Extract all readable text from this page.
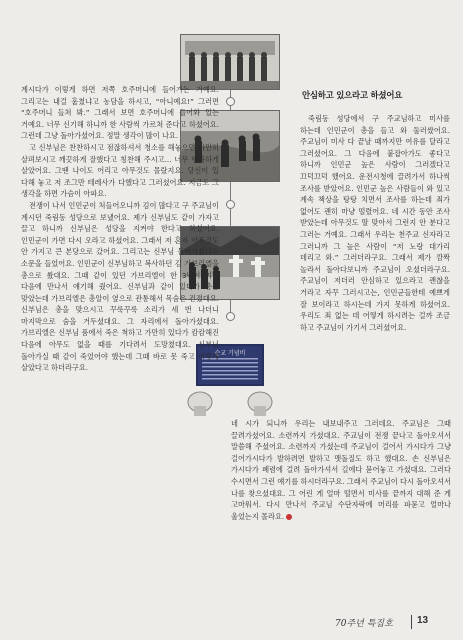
순교 기념비
안심하고 있으라고 하셨어요

계시다가 이렇게 하면 저쪽 호주머니에 들어가는 거예요. 그리고는 내걸 훔쳤냐고 농담을 하시고, “아니예요!” 그러면 “호주머니 들쳐 봐.” 그래서 보면 호주머니에 들어와 있는 거예요. 너무 신기해 하니까 한 사람씩 가르쳐 준다고 하셨어요. 그런데 그냥 돌아가셨어요. 정말 생각이 많이 나요.

고 신부님은 찬찬하시고 점잖하셔서 청소를 해놓으면 가만히 살펴보시고 깨끗하게 잘했다고 칭찬해 주시고... 너무 행복하게 살았어요. 그땐 나이도 어리고 아무것도 몰랐지요. 당신이 일 다해 놓고 저 조그만 테레사가 다했다고 그러셨어요. 지금도 그 생각을 하면 가슴이 아파요.

전쟁이 나서 인민군이 처들어오니까 김이 많다고 구 주교님이 계시던 죽림동 성당으로 보냈어요. 제가 신부님도 같이 가자고 끌고 하니까 신부님은 성당을 지켜야 한다고 하셨어요. 인민군이 가면 다시 오라고 하셨어요. 그래서 저 혼자 아무것도 안 가지고 큰 본당으로 갔어요. 그리고는 신부님 돌아가셨다는 소문을 들었어요. 인민군이 신부님하고 복사하던 김 가브리엘을 총으로 쐈대요. 그때 같이 있던 가브리엘이 한 3년이 지난 다음에 만나서 얘기해 줬어요. 신부님과 같이 있다가 총을 맞았는데 가브리엘은 총알이 옆으로 관통해서 목숨은 건졌대요. 신부님은 총을 맞으시고 꾸룩꾸룩 소리가 세 번 나더니 마지막으로 숨을 거두셨대요. 그 자리에서 돌아가셨대요. 가브리엘은 신부님 품에서 죽은 척하고 가만히 있다가 캄캄해진 다음에 아무도 없을 때를 기다려서 도망쳤대요. 신부님 돌아가실 때 같이 죽었어야 했는데 그때 바로 못 죽고 이렇게 살았다고 하더라구요.

죽림동 성당에서 구 주교님하고 미사를 하는데 인민군이 총을 들고 와 둘러쌌어요. 주교님이 미사 다 끝날 때까지만 여유를 달라고 그러셨어요. 그 다음에 붙잡아가도 좋다고 하니까 인민군 높은 사람이 그러겠다고 끄덕끄덕 했어요. 운전시청에 끌려가서 하나씩 조사를 받았어요. 인민군 높은 사람들이 와 있고 계속 책상을 탕탕 치면서 조사를 하는데 죄가 없어도 괜히 마냥 떨렸어요. 네 시간 동안 조사 받았는데 아무것도 딸 맞아서 그런지 안 분다고 그러는 거예요. 그래서 우리는 천주교 신자라고 그러니까 그 높은 사람이 “저 노랑 대가리 데리고 와.” 그러더라구요. 그래서 제가 깜짝 놀라서 돌아다보니까 주교님이 오셨더라구요. 주교님이 저더러 안심하고 있으라고 괜찮을 거라고 자꾸 그러시고는, 인민군들한테 예쁘게 잘 보이라고 하시는데 가지 못하게 하셨어요. 우리도 죄 없는 데 어떻게 하시려는 걸까 조금 하고 주교님이 가기서 그러셨어요.

네 시가 되니까 우리는 내보내주고 그러데요. 주교님은 그때 끌려가셨어요. 소련까지 가셨대요. 주교님이 전쟁 끝나고 돌아오셔서 말씀해 주셨어요. 소련까지 가셨는데 주교님이 걸어서 가시다가 그냥 걸어가시다가 발하려면 발하고 맷돌질도 하고 했대요. 손 신부님은 가시다가 폐렴에 걸려 돌아가셔서 길에다 묻어놓고 가셨대요. 그러다 수시면서 그런 얘기를 하시더라구요. 그래서 주교님이 다시 돌아오셔서 나를 찾으셨대요. 그 어린 게 얼마 떨면서 미사를 끝까지 대해 준 게 고마워서. 다시 만나서 주교님 수단자락에 머리를 파묻고 얼마나 울었는지 몰라요.

70주년 특집호 13
